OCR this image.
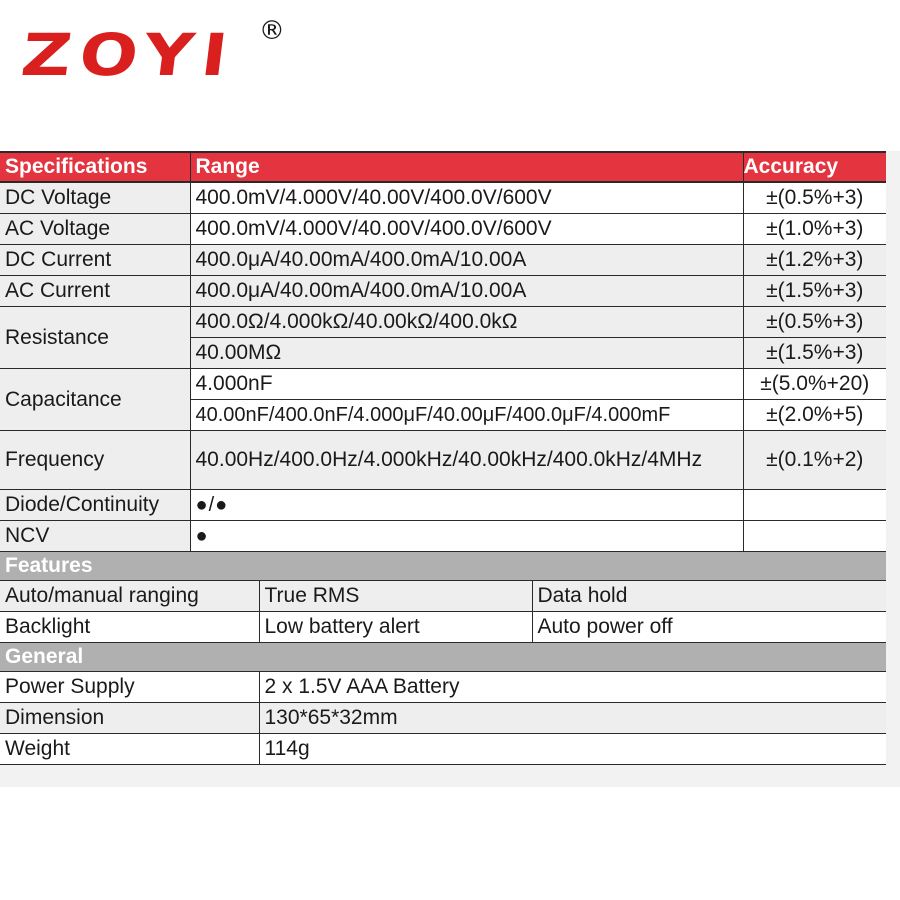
ZOYI ®
Specifications	Range			Accuracy
DC Voltage	400.0mV/4.000V/40.00V/400.0V/600V			±(0.5%+3)
AC Voltage	400.0mV/4.000V/40.00V/400.0V/600V			±(1.0%+3)
DC Current	400.0μA/40.00mA/400.0mA/10.00A			±(1.2%+3)
AC Current	400.0μA/40.00mA/400.0mA/10.00A			±(1.5%+3)
Resistance	400.0Ω/4.000kΩ/40.00kΩ/400.0kΩ			±(0.5%+3)
	40.00MΩ			±(1.5%+3)
Capacitance	4.000nF			±(5.0%+20)
	40.00nF/400.0nF/4.000μF/40.00μF/400.0μF/4.000mF			±(2.0%+5)
Frequency	40.00Hz/400.0Hz/4.000kHz/40.00kHz/400.0kHz/4MHz			±(0.1%+2)
Diode/Continuity	●/●			
NCV	●			
Features				
Auto/manual ranging		True RMS	Data hold	
Backlight		Low battery alert	Auto power off	
General				
Power Supply		2 x 1.5V AAA Battery		
Dimension		130*65*32mm		
Weight		114g		
